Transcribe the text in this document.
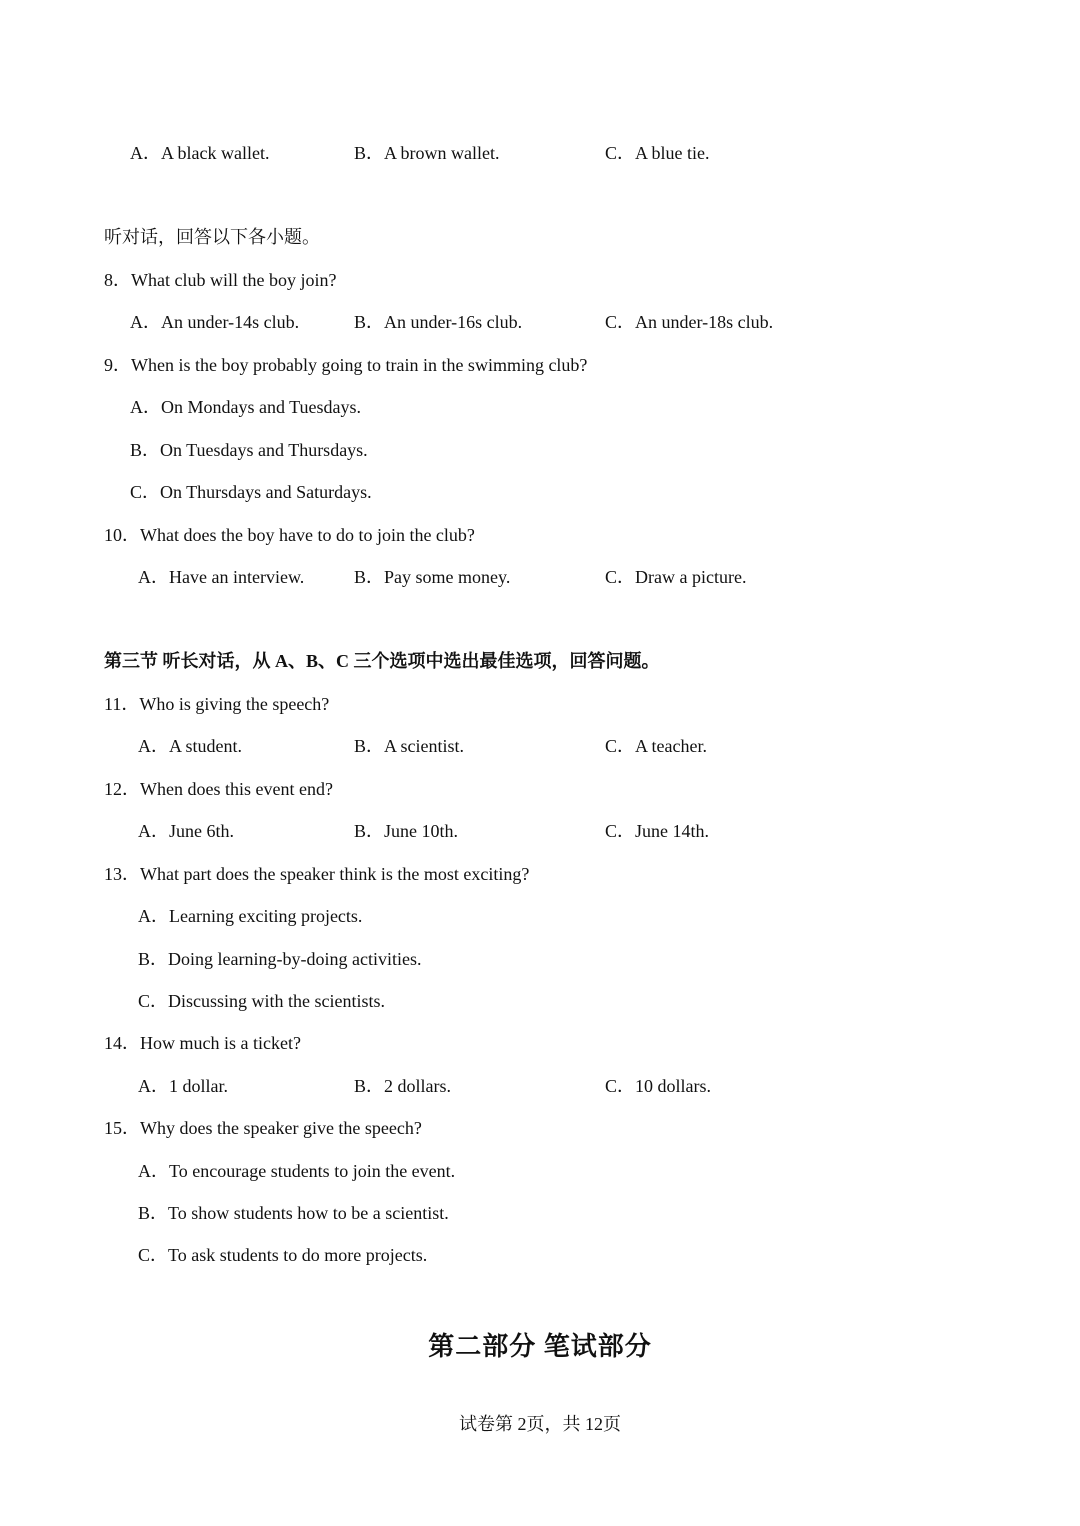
A．A black wallet.	B．A brown wallet.	C．A blue tie.
听对话，回答以下各小题。
8．What club will the boy join?
A．An under-14s club.	B．An under-16s club.	C．An under-18s club.
9．When is the boy probably going to train in the swimming club?
A．On Mondays and Tuesdays.
B．On Tuesdays and Thursdays.
C．On Thursdays and Saturdays.
10．What does the boy have to do to join the club?
A．Have an interview.	B．Pay some money.	C．Draw a picture.
第三节 听长对话，从 A、B、C 三个选项中选出最佳选项，回答问题。
11．Who is giving the speech?
A．A student.	B．A scientist.	C．A teacher.
12．When does this event end?
A．June 6th.	B．June 10th.	C．June 14th.
13．What part does the speaker think is the most exciting?
A．Learning exciting projects.
B．Doing learning-by-doing activities.
C．Discussing with the scientists.
14．How much is a ticket?
A．1 dollar.	B．2 dollars.	C．10 dollars.
15．Why does the speaker give the speech?
A．To encourage students to join the event.
B．To show students how to be a scientist.
C．To ask students to do more projects.
第二部分 笔试部分
试卷第 2页，共 12页
